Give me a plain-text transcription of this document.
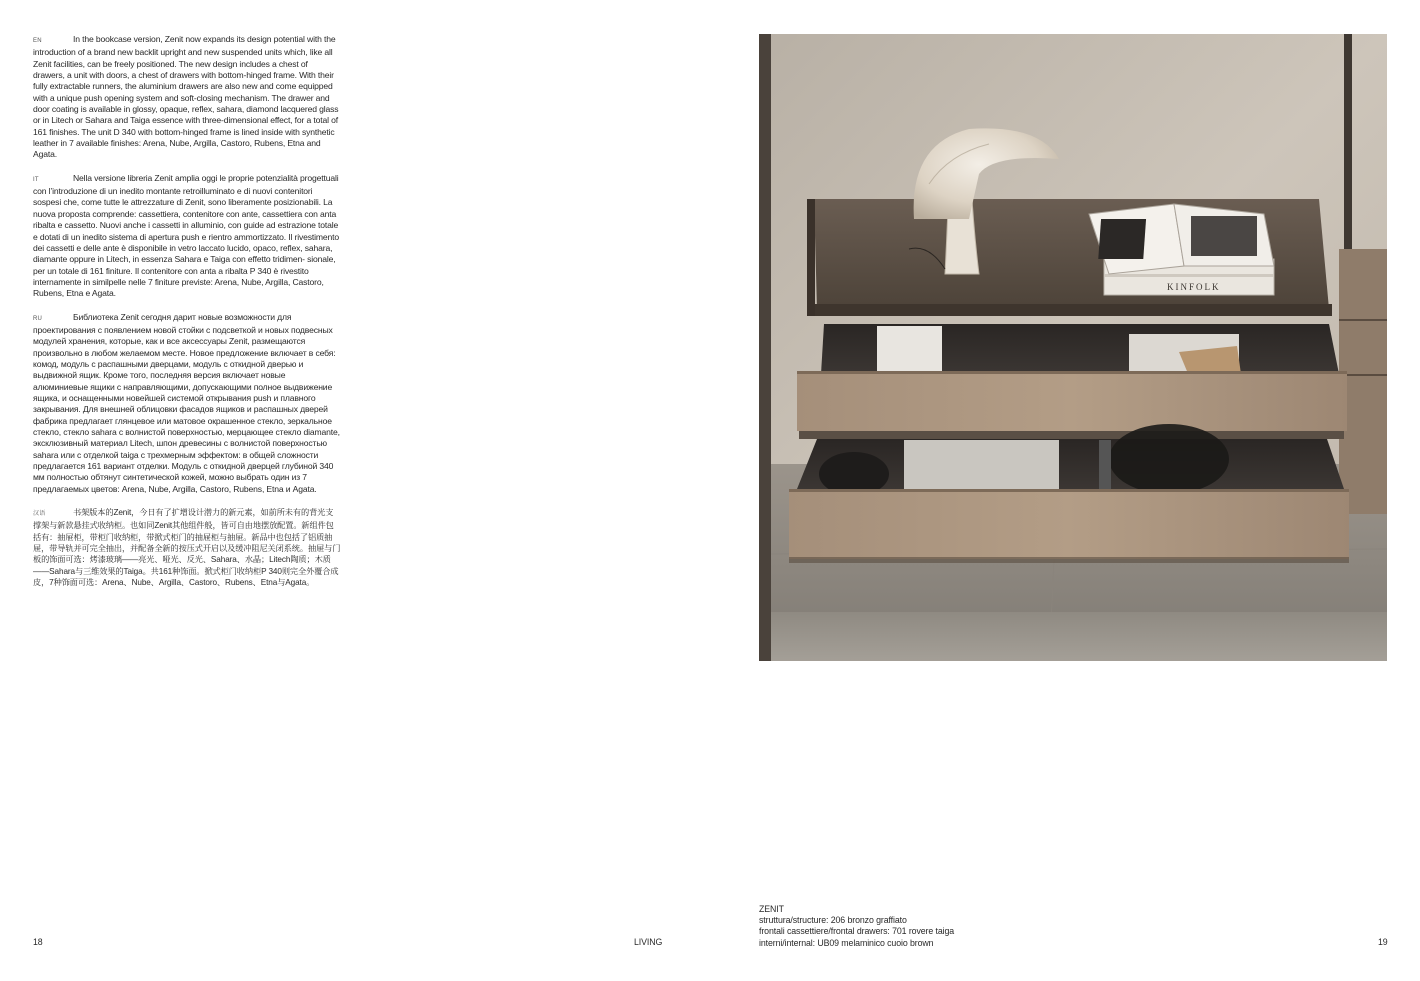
EN	In the bookcase version, Zenit now expands its design potential with the introduction of a brand new backlit upright and new suspended units which, like all Zenit facilities, can be freely positioned. The new design includes a chest of drawers, a unit with doors, a chest of drawers with bottom-hinged frame. With their fully extractable runners, the aluminium drawers are also new and come equipped with a unique push opening system and soft-closing mechanism. The drawer and door coating is available in glossy, opaque, reflex, sahara, diamond lacquered glass or in Litech or Sahara and Taiga essence with three-dimensional effect, for a total of 161 finishes. The unit D 340 with bottom-hinged frame is lined inside with synthetic leather in 7 available finishes: Arena, Nube, Argilla, Castoro, Rubens, Etna and Agata.

IT	Nella versione libreria Zenit amplia oggi le proprie potenzialità progettuali con l’introduzione di un inedito montante retroilluminato e di nuovi contenitori sospesi che, come tutte le attrezzature di Zenit, sono liberamente posizionabili. La nuova proposta comprende: cassettiera, contenitore con ante, cassettiera con anta ribalta e cassetto. Nuovi anche i cassetti in alluminio, con guide ad estrazione totale e dotati di un inedito sistema di apertura push e rientro ammortizzato. Il rivestimento dei cassetti e delle ante è disponibile in vetro laccato lucido, opaco, reflex, sahara, diamante oppure in Litech, in essenza Sahara e Taiga con effetto tridimen- sionale, per un totale di 161 finiture. Il contenitore con anta a ribalta P 340 è rivestito internamente in similpelle nelle 7 finiture previste: Arena, Nube, Argilla, Castoro, Rubens, Etna e Agata.

RU	Библиотека Zenit сегодня дарит новые возможности для проектирования с появлением новой стойки с подсветкой и новых подвесных модулей хранения, которые, как и все аксессуары Zenit, размещаются произвольно в любом желаемом месте. Новое предложение включает в себя: комод, модуль с распашными дверцами, модуль с откидной дверью и выдвижной ящик. Кроме того, последняя версия включает новые алюминиевые ящики с направляющими, допускающими полное выдвижение ящика, и оснащенными новейшей системой открывания push и плавного закрывания. Для внешней облицовки фасадов ящиков и распашных дверей фабрика предлагает глянцевое или матовое окрашенное стекло, зеркальное стекло, стекло sahara с волнистой поверхностью, мерцающее стекло diamante, эксклюзивный материал Litech, шпон древесины с волнистой поверхностью sahara или с отделкой taiga с трехмерным эффектом: в общей сложности предлагается 161 вариант отделки. Модуль с откидной дверцей глубиной 340 мм полностью обтянут синтетической кожей, можно выбрать один из 7 предлагаемых цветов: Arena, Nube, Argilla, Castoro, Rubens, Etna и Agata.

汉语	书架版本的Zenit，今日有了扩增设计潜力的新元素，如前所未有的背光支撑架与新款悬挂式收纳柜。也如同Zenit其他组件般，皆可自由地摆放配置。新组件包括有：抽屉柜，带柜门收纳柜，带掀式柜门的抽屉柜与抽屉。新品中也包括了铝质抽屉，带导轨并可完全抽出，并配备全新的按压式开启以及缓冲阻尼关闭系统。抽屉与门板的饰面可选：烤漆玻璃——亮光、哑光、反光、Sahara、水晶；Litech陶质；木质——Sahara与三维效果的Taiga。共161种饰面。掀式柜门收纳柜P 340则完全外覆合成皮，7种饰面可选：Arena、Nube、Argilla、Castoro、Rubens、Etna与Agata。

KINFOLK
ZENIT
struttura/structure: 206 bronzo graffiato
frontali cassettiere/frontal drawers: 701 rovere taiga
interni/internal: UB09 melaminico cuoio brown
18	LIVING	19
